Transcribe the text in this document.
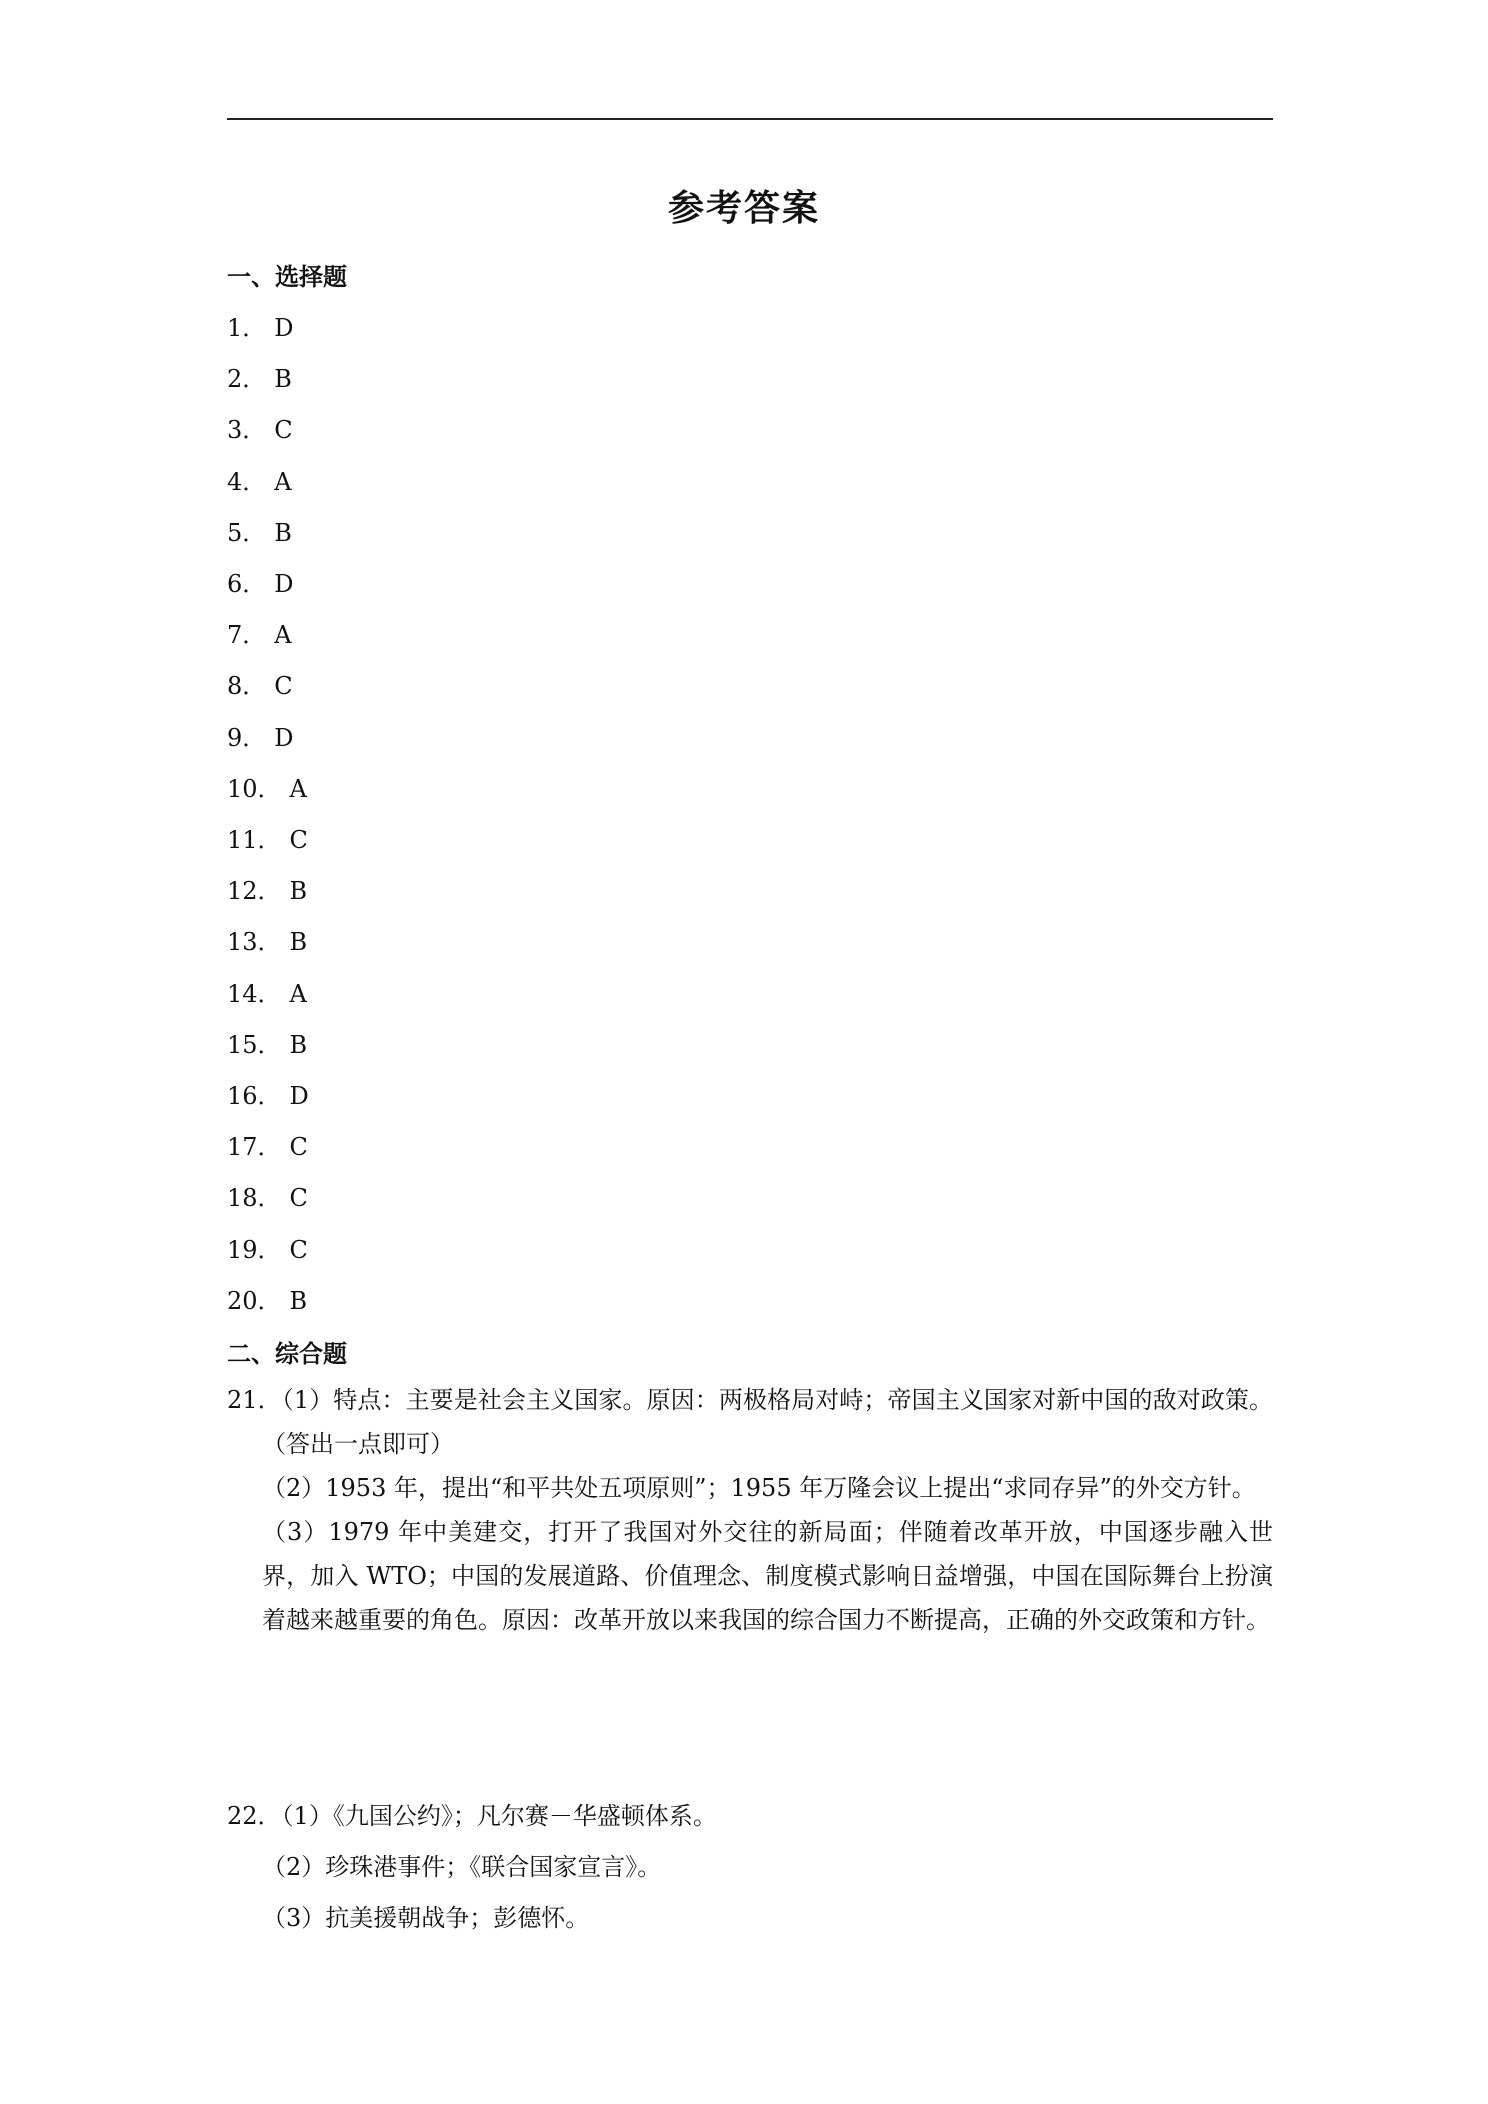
参考答案
一、选择题
1． D
2． B
3． C
4． A
5． B
6． D
7． A
8． C
9． D
10． A
11． C
12． B
13． B
14． A
15． B
16． D
17． C
18． C
19． C
20． B
二、综合题
21．（1）特点：主要是社会主义国家。原因：两极格局对峙；帝国主义国家对新中国的敌对政策。（答出一点即可）
（2）1953 年，提出“和平共处五项原则”；1955 年万隆会议上提出“求同存异”的外交方针。
（3）1979 年中美建交，打开了我国对外交往的新局面；伴随着改革开放，中国逐步融入世界，加入 WTO；中国的发展道路、价值理念、制度模式影响日益增强，中国在国际舞台上扮演着越来越重要的角色。原因：改革开放以来我国的综合国力不断提高，正确的外交政策和方针。
22．（1）《九国公约》；凡尔赛－华盛顿体系。
（2）珍珠港事件；《联合国家宣言》。
（3）抗美援朝战争；彭德怀。
